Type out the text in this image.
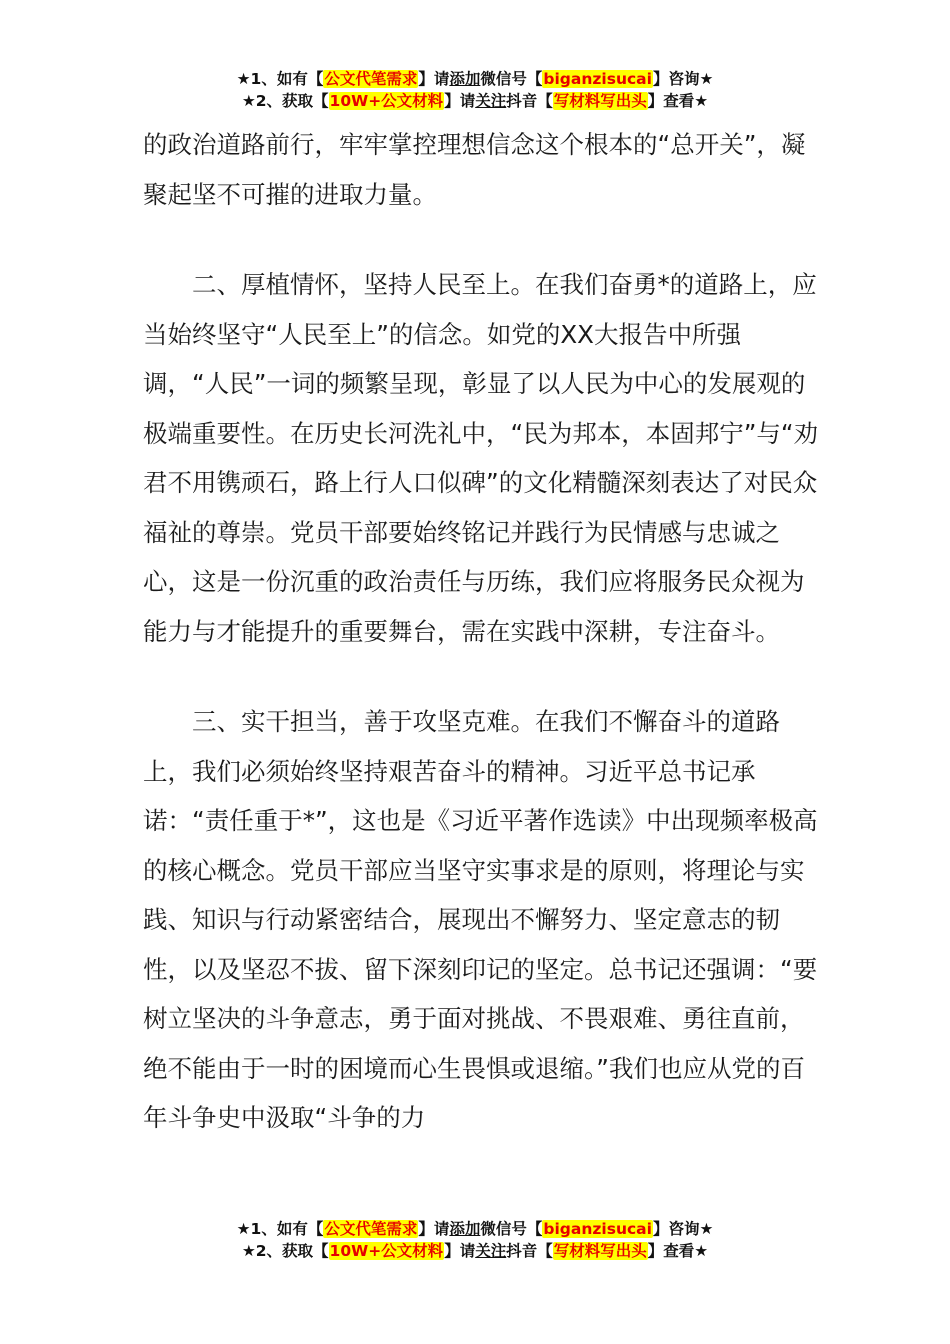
★1、如有【公文代笔需求】请添加微信号【biganzisucai】咨询★
★2、获取【10W+公文材料】请关注抖音【写材料写出头】查看★

的政治道路前行，牢牢掌控理想信念这个根本的“总开关”，凝聚起坚不可摧的进取力量。

二、厚植情怀，坚持人民至上。在我们奋勇*的道路上，应当始终坚守“人民至上”的信念。如党的XX大报告中所强调，“人民”一词的频繁呈现，彰显了以人民为中心的发展观的极端重要性。在历史长河洗礼中，“民为邦本，本固邦宁”与“劝君不用镌顽石，路上行人口似碑”的文化精髓深刻表达了对民众福祉的尊崇。党员干部要始终铭记并践行为民情感与忠诚之心，这是一份沉重的政治责任与历练，我们应将服务民众视为能力与才能提升的重要舞台，需在实践中深耕，专注奋斗。

三、实干担当，善于攻坚克难。在我们不懈奋斗的道路上，我们必须始终坚持艰苦奋斗的精神。习近平总书记承诺：“责任重于*”，这也是《习近平著作选读》中出现频率极高的核心概念。党员干部应当坚守实事求是的原则，将理论与实践、知识与行动紧密结合，展现出不懈努力、坚定意志的韧性，以及坚忍不拔、留下深刻印记的坚定。总书记还强调：“要树立坚决的斗争意志，勇于面对挑战、不畏艰难、勇往直前，绝不能由于一时的困境而心生畏惧或退缩。”我们也应从党的百年斗争史中汲取“斗争的力

★1、如有【公文代笔需求】请添加微信号【biganzisucai】咨询★
★2、获取【10W+公文材料】请关注抖音【写材料写出头】查看★
